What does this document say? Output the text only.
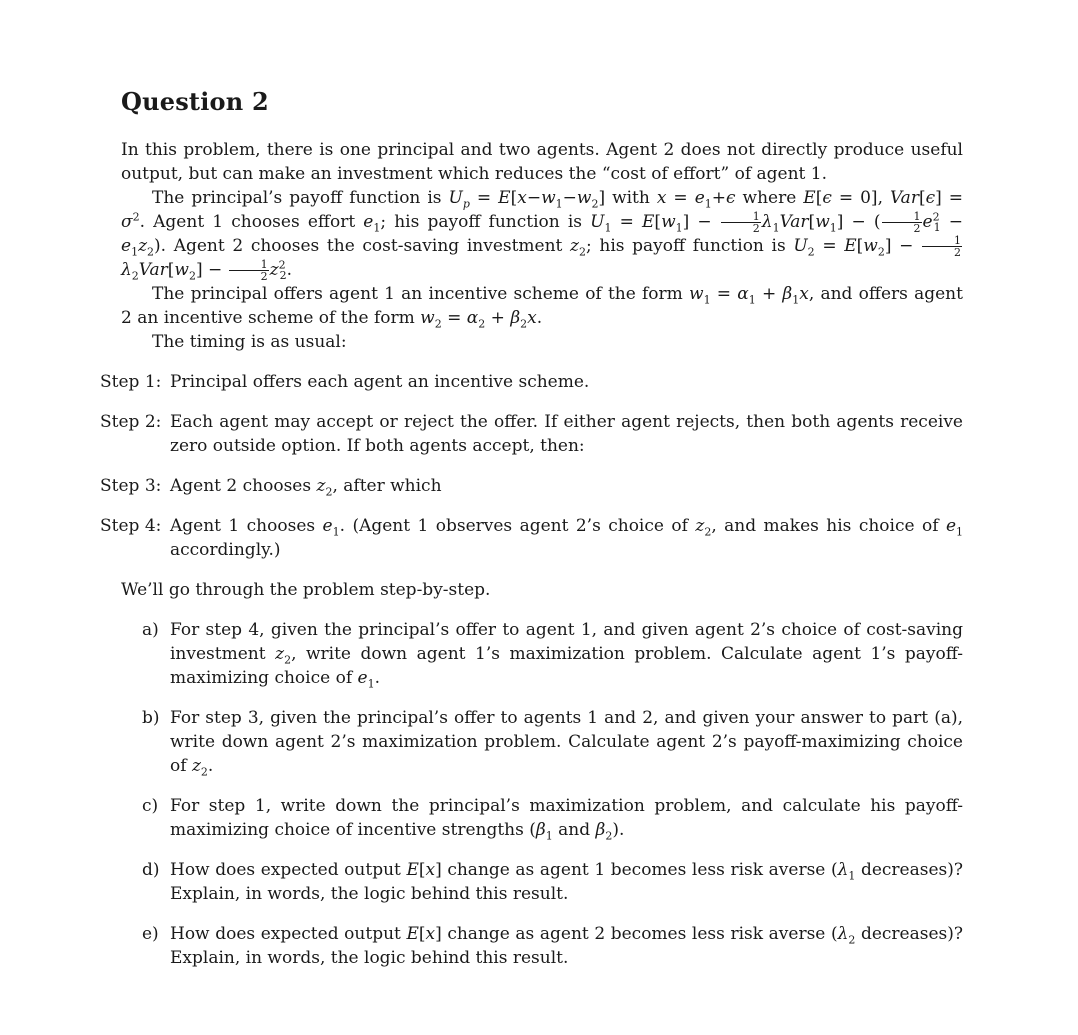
Question 2

In this problem, there is one principal and two agents. Agent 2 does not directly produce useful output, but can make an investment which reduces the “cost of effort” of agent 1.

The principal’s payoff function is $U_p = E[x-w_1-w_2]$ with $x = e_1+\epsilon$ where E[ϵ = 0], $Var[\epsilon] = \sigma^2$. Agent 1 chooses effort $e_1$; his payoff function is $U_1 = E[w_1] - \frac{1}{2} \lambda_1Var[w_1]$ − ( $\frac{1}{2} e^2_1 - e_1z_2$). Agent 2 chooses the cost-saving investment $z_2$; his payoff function is $U_2 = E[w_2] - \frac{1}{2}$
$\lambda_2Var[w_2] - \frac{1}{2} z^2_2$.

The principal offers agent 1 an incentive scheme of the form $w_1 = \alpha_1 + \beta_1x$, and offers agent 2 an incentive scheme of the form $w_2 = \alpha_2 + \beta_2x$.

The timing is as usual:

Step 1: Principal offers each agent an incentive scheme.
Step 2: Each agent may accept or reject the offer. If either agent rejects, then both agents receive zero outside option. If both agents accept, then:
Step 3: Agent 2 chooses $z_2$, after which
Step 4: Agent 1 chooses $e_1$. (Agent 1 observes agent 2’s choice of $z_2$, and makes his choice of $e_1$ accordingly.)

We’ll go through the problem step-by-step.

a) For step 4, given the principal’s offer to agent 1, and given agent 2’s choice of cost-saving investment $z_2$, write down agent 1’s maximization problem. Calculate agent 1’s payoff-maximizing choice of $e_1$.
b) For step 3, given the principal’s offer to agents 1 and 2, and given your answer to part (a), write down agent 2’s maximization problem. Calculate agent 2’s payoff-maximizing choice of $z_2$.
c) For step 1, write down the principal’s maximization problem, and calculate his payoff-maximizing choice of incentive strengths ($\beta_1$ and $\beta_2$).
d) How does expected output E[x] change as agent 1 becomes less risk averse ($\lambda_1$ decreases)? Explain, in words, the logic behind this result.
e) How does expected output E[x] change as agent 2 becomes less risk averse ($\lambda_2$ decreases)? Explain, in words, the logic behind this result.
